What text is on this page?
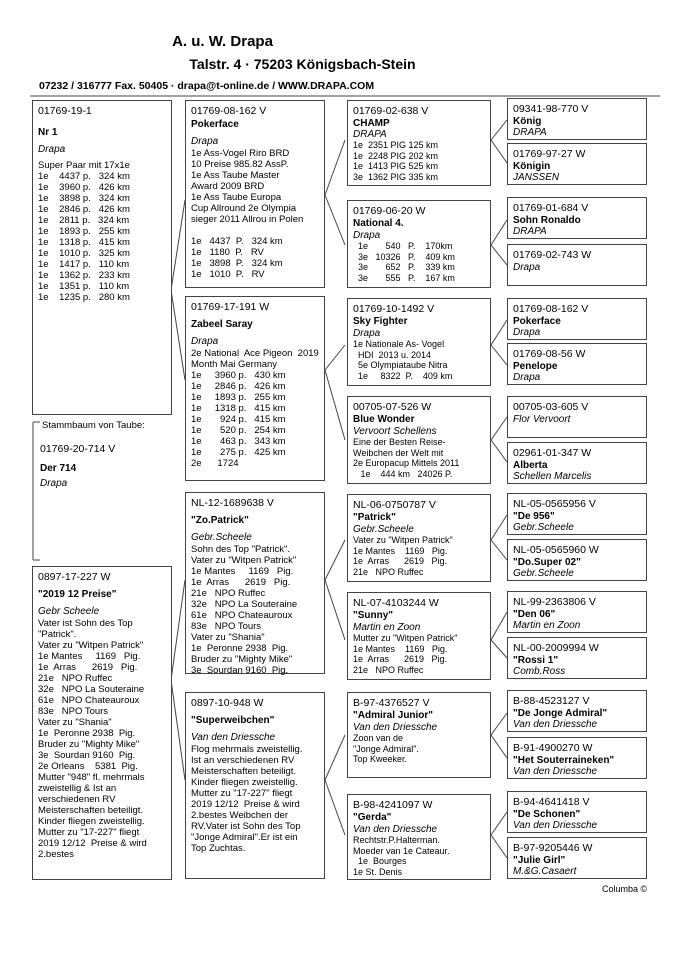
A. u. W. Drapa
Talstr. 4 · 75203 Königsbach-Stein
07232 / 316777 Fax. 50405 · drapa@t-online.de / WWW.DRAPA.COM
01769-19-1
Nr 1
Drapa
Super Paar mit 17x1e
1e    4437 p.   324 km
1e    3960 p.   426 km
1e    3898 p.   324 km
1e    2846 p.   426 km
1e    2811 p.   324 km
1e    1893 p.   255 km
1e    1318 p.   415 km
1e    1010 p.   325 km
1e    1417 p.   110 km
1e    1362 p.   233 km
1e    1351 p.   110 km
1e    1235 p.   280 km
Stammbaum von Taube:
01769-20-714 V
Der 714
Drapa
0897-17-227 W
"2019 12 Preise"
Gebr Scheele
Vater ist Sohn des Top
"Patrick".
Vater zu "Witpen Patrick"
1e Mantes     1169   Pig.
1e  Arras      2619   Pig.
21e   NPO Ruffec
32e   NPO La Souteraine
61e   NPO Chateauroux
83e   NPO Tours
Vater zu "Shania"
1e  Peronne 2938  Pig.
Bruder zu "Mighty Mike"
3e  Sourdan 9160  Pig.
2e Orleans    5381  Pig.
Mutter "948" fl. mehrmals
zweistellig & Ist an
verschiedenen RV
Meisterschaften beteiligt.
Kinder fliegen zweistellig.
Mutter zu "17-227" fliegt
2019 12/12  Preise & wird
2.bestes
01769-08-162 V
Pokerface
Drapa
1e Ass-Vogel Riro BRD
10 Preise 985.82 AssP.
1e Ass Taube Master
Award 2009 BRD
1e Ass Taube Europa
Cup Allround 2e Olympia
sieger 2011 Allrou in Polen

1e   4437  P.   324 km
1e   1180  P.   RV
1e   3898  P.   324 km
1e   1010  P.   RV
01769-17-191 W
Zabeel Saray
Drapa
2e National  Ace Pigeon  2019
Month Mai Germany
1e     3960 p.   430 km
1e     2846 p.   426 km
1e     1893 p.   255 km
1e     1318 p.   415 km
1e       924 p.   415 km
1e       520 p.   254 km
1e       463 p.   343 km
1e       275 p.   425 km
2e      1724
NL-12-1689638 V
"Zo.Patrick"
Gebr.Scheele
Sohn des Top "Patrick".
Vater zu "Witpen Patrick"
1e Mantes     1169   Pig.
1e  Arras      2619   Pig.
21e   NPO Ruffec
32e   NPO La Souteraine
61e   NPO Chateauroux
83e   NPO Tours
Vater zu "Shania"
1e  Peronne 2938  Pig.
Bruder zu "Mighty Mike"
3e  Sourdan 9160  Pig.
0897-10-948 W
"Superweibchen"
Van den Driessche
Flog mehrmals zweistellig.
Ist an verschiedenen RV
Meisterschaften beteiligt.
Kinder fliegen zweistellig.
Mutter zu "17-227" fliegt
2019 12/12  Preise & wird
2.bestes Weibchen der
RV.Vater ist Sohn des Top
"Jonge Admiral".Er ist ein
Top Zuchtas.
01769-02-638 V
CHAMP
DRAPA
1e  2351 PIG 125 km
1e  2248 PIG 202 km
1e  1413 PIG 525 km
3e  1362 PIG 335 km
01769-06-20 W
National 4.
Drapa
1e       540   P.    170km
3e   10326   P.    409 km
3e       652   P.    339 km
3e       555   P.    167 km
01769-10-1492 V
Sky Fighter
Drapa
1e Nationale As- Vogel
HDI  2013 u. 2014
5e Olympiataube Nitra
1e     8322  P.    409 km
00705-07-526 W
Blue Wonder
Vervoort Schellens
Eine der Besten Reise-
Weibchen der Welt mit
2e Europacup Mittels 2011
1e    444 km   24026 P.
NL-06-0750787 V
"Patrick"
Gebr.Scheele
Vater zu "Witpen Patrick"
1e Mantes    1169   Pig.
1e  Arras      2619   Pig.
21e   NPO Ruffec
NL-07-4103244 W
"Sunny"
Martin en Zoon
Mutter zu "Witpen Patrick"
1e Mantes    1169   Pig.
1e  Arras      2619   Pig.
21e   NPO Ruffec
B-97-4376527 V
"Admiral Junior"
Van den Driessche
Zoon van de
"Jonge Admiral".
Top Kweeker.
B-98-4241097 W
"Gerda"
Van den Driessche
Rechtstr.P.Halterman.
Moeder van 1e Cateaur.
1e  Bourges
1e St. Denis
09341-98-770 V
König
DRAPA
01769-97-27 W
Königin
JANSSEN
01769-01-684 V
Sohn Ronaldo
DRAPA
01769-02-743 W
Drapa
01769-08-162 V
Pokerface
Drapa
01769-08-56 W
Penelope
Drapa
00705-03-605 V
Flor Vervoort
02961-01-347 W
Alberta
Schellen Marcelis
NL-05-0565956 V
"De 956"
Gebr.Scheele
NL-05-0565960 W
"Do.Super 02"
Gebr.Scheele
NL-99-2363806 V
"Den 06"
Martin en Zoon
NL-00-2009994 W
"Rossi 1"
Comb.Ross
B-88-4523127 V
"De Jonge Admiral"
Van den Driessche
B-91-4900270 W
"Het Souterraineken"
Van den Driessche
B-94-4641418 V
"De Schonen"
Van den Driessche
B-97-9205446 W
"Julie Girl"
M.&G.Casaert
Columba ©
